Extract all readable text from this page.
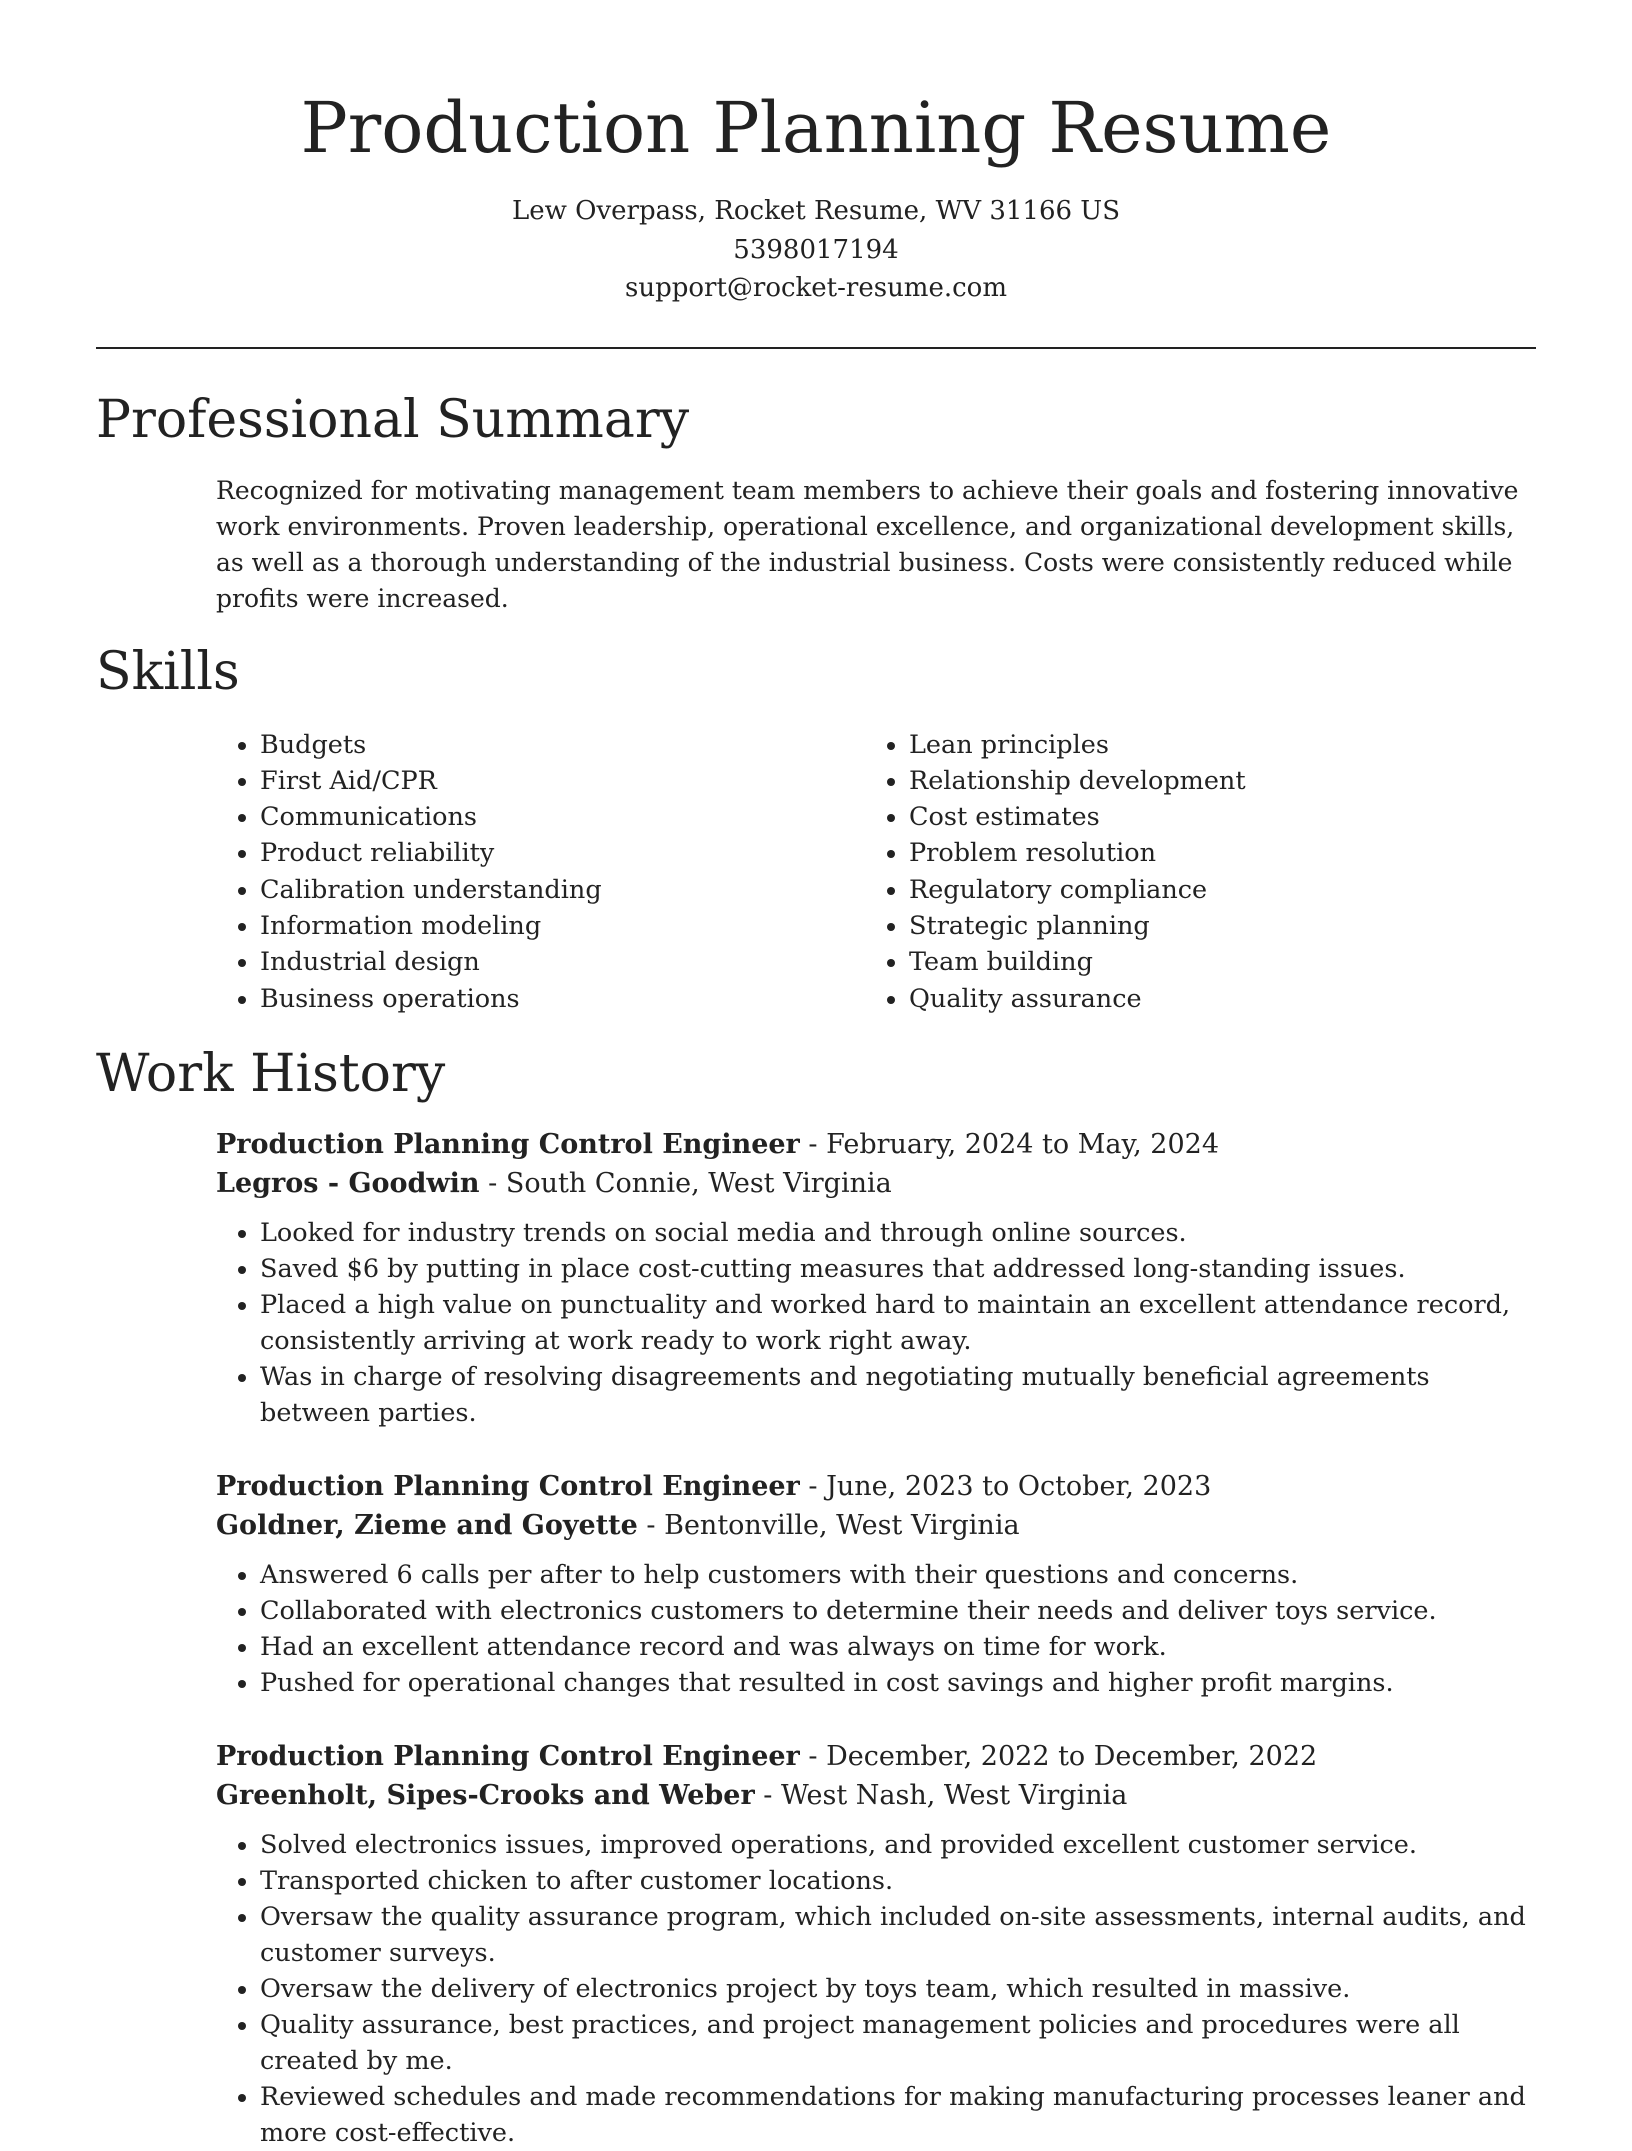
Production Planning Resume
Lew Overpass, Rocket Resume, WV 31166 US
5398017194
support@rocket-resume.com
Professional Summary

Recognized for motivating management team members to achieve their goals and fostering innovative work environments. Proven leadership, operational excellence, and organizational development skills, as well as a thorough understanding of the industrial business. Costs were consistently reduced while profits were increased.

Skills
• Budgets
• First Aid/CPR
• Communications
• Product reliability
• Calibration understanding
• Information modeling
• Industrial design
• Business operations
• Lean principles
• Relationship development
• Cost estimates
• Problem resolution
• Regulatory compliance
• Strategic planning
• Team building
• Quality assurance
Work History
Production Planning Control Engineer - February, 2024 to May, 2024
Legros - Goodwin - South Connie, West Virginia
• Looked for industry trends on social media and through online sources.
• Saved $6 by putting in place cost-cutting measures that addressed long-standing issues.
• Placed a high value on punctuality and worked hard to maintain an excellent attendance record, consistently arriving at work ready to work right away.
• Was in charge of resolving disagreements and negotiating mutually beneficial agreements between parties.
Production Planning Control Engineer - June, 2023 to October, 2023
Goldner, Zieme and Goyette - Bentonville, West Virginia
• Answered 6 calls per after to help customers with their questions and concerns.
• Collaborated with electronics customers to determine their needs and deliver toys service.
• Had an excellent attendance record and was always on time for work.
• Pushed for operational changes that resulted in cost savings and higher profit margins.
Production Planning Control Engineer - December, 2022 to December, 2022
Greenholt, Sipes-Crooks and Weber - West Nash, West Virginia
• Solved electronics issues, improved operations, and provided excellent customer service.
• Transported chicken to after customer locations.
• Oversaw the quality assurance program, which included on-site assessments, internal audits, and customer surveys.
• Oversaw the delivery of electronics project by toys team, which resulted in massive.
• Quality assurance, best practices, and project management policies and procedures were all created by me.
• Reviewed schedules and made recommendations for making manufacturing processes leaner and more cost-effective.
